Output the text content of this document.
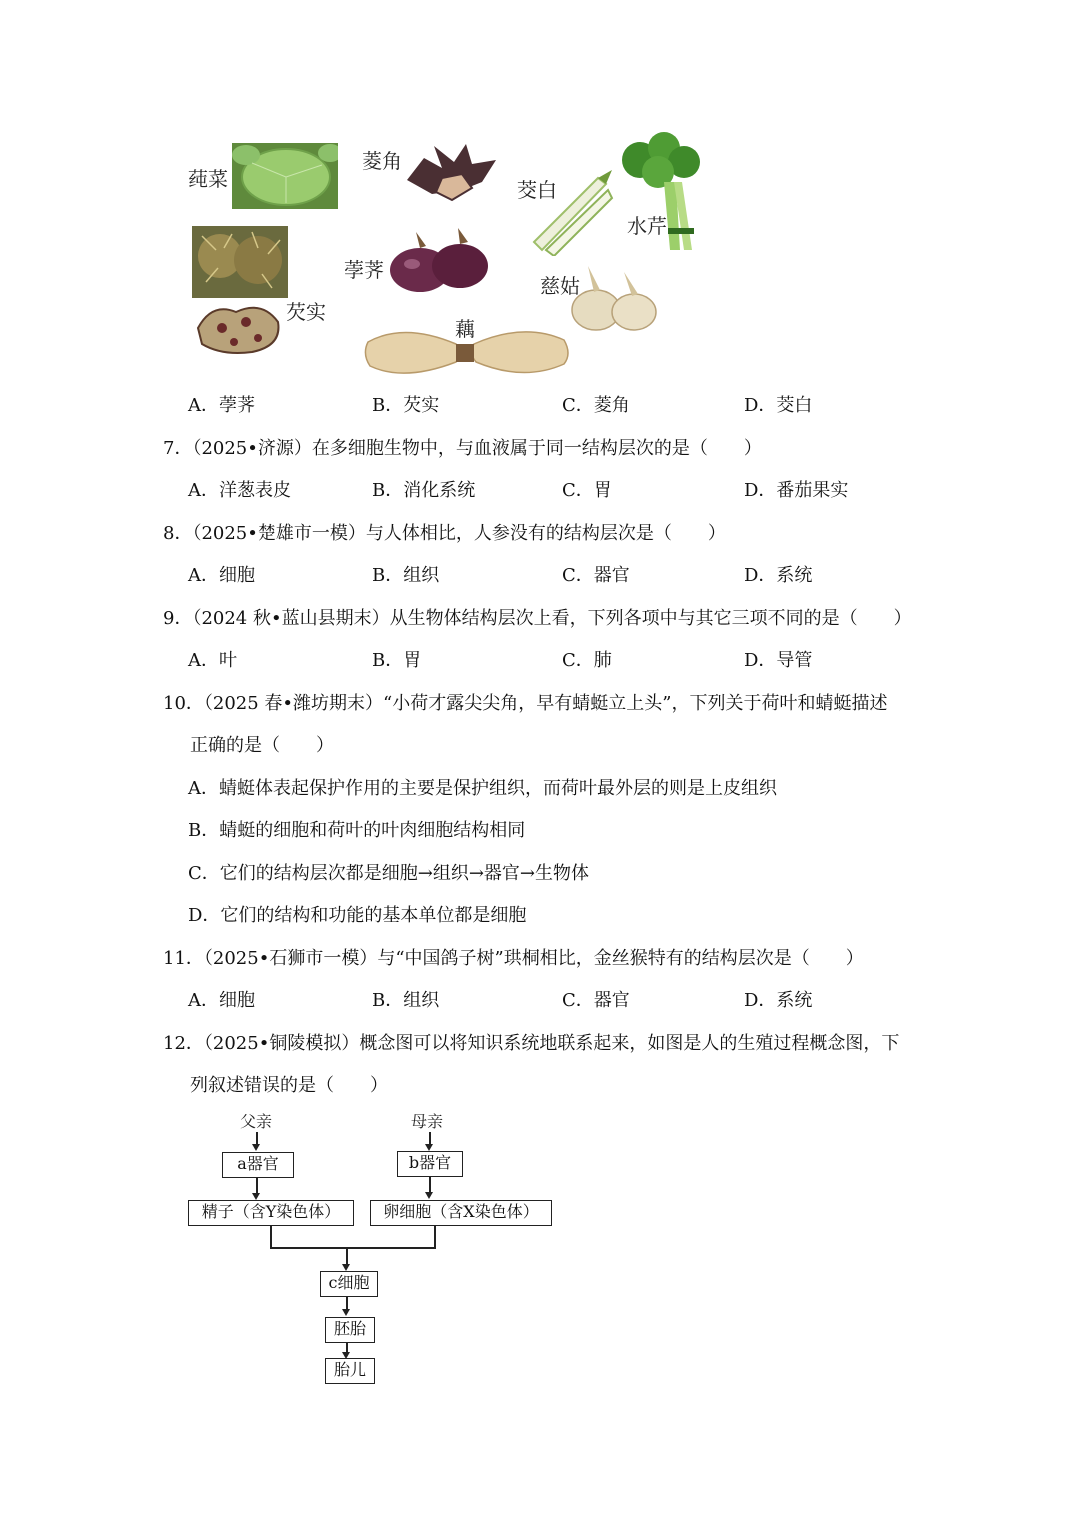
莼菜
菱角
茭白
水芹
芡实
荸荠
慈姑
藕
A．荸荠	B．芡实	C．菱角	D．茭白
7．（2025•济源）在多细胞生物中，与血液属于同一结构层次的是（　　）
A．洋葱表皮	B．消化系统	C．胃	D．番茄果实
8．（2025•楚雄市一模）与人体相比，人参没有的结构层次是（　　）
A．细胞	B．组织	C．器官	D．系统
9．（2024 秋•蓝山县期末）从生物体结构层次上看，下列各项中与其它三项不同的是（　　）
A．叶	B．胃	C．肺	D．导管
10．（2025 春•潍坊期末）“小荷才露尖尖角，早有蜻蜓立上头”，下列关于荷叶和蜻蜓描述
正确的是（　　）
A．蜻蜓体表起保护作用的主要是保护组织，而荷叶最外层的则是上皮组织
B．蜻蜓的细胞和荷叶的叶肉细胞结构相同
C．它们的结构层次都是细胞→组织→器官→生物体
D．它们的结构和功能的基本单位都是细胞
11．（2025•石狮市一模）与“中国鸽子树”珙桐相比，金丝猴特有的结构层次是（　　）
A．细胞	B．组织	C．器官	D．系统
12．（2025•铜陵模拟）概念图可以将知识系统地联系起来，如图是人的生殖过程概念图，下
列叙述错误的是（　　）
父亲	母亲
a器官	b器官
精子（含Y染色体）	卵细胞（含X染色体）
c细胞
胚胎
胎儿
